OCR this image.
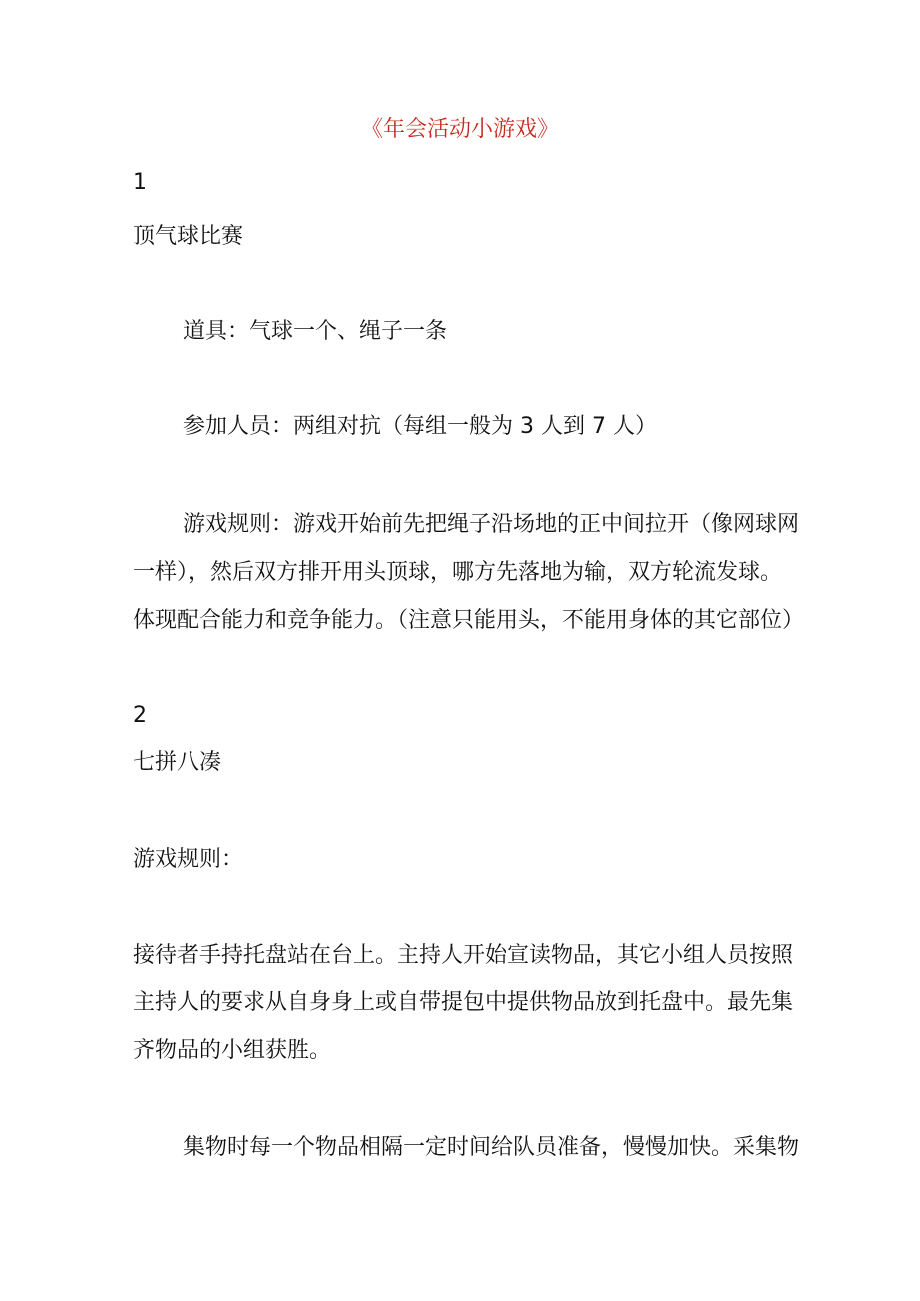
《年会活动小游戏》
1
顶气球比赛
道具：气球一个、绳子一条
参加人员：两组对抗（每组一般为 3 人到 7 人）
游戏规则：游戏开始前先把绳子沿场地的正中间拉开（像网球网
一样），然后双方排开用头顶球，哪方先落地为输，双方轮流发球。
体现配合能力和竞争能力。（注意只能用头，不能用身体的其它部位）
2
七拼八凑
游戏规则：
接待者手持托盘站在台上。主持人开始宣读物品，其它小组人员按照
主持人的要求从自身身上或自带提包中提供物品放到托盘中。最先集
齐物品的小组获胜。
集物时每一个物品相隔一定时间给队员准备，慢慢加快。采集物
